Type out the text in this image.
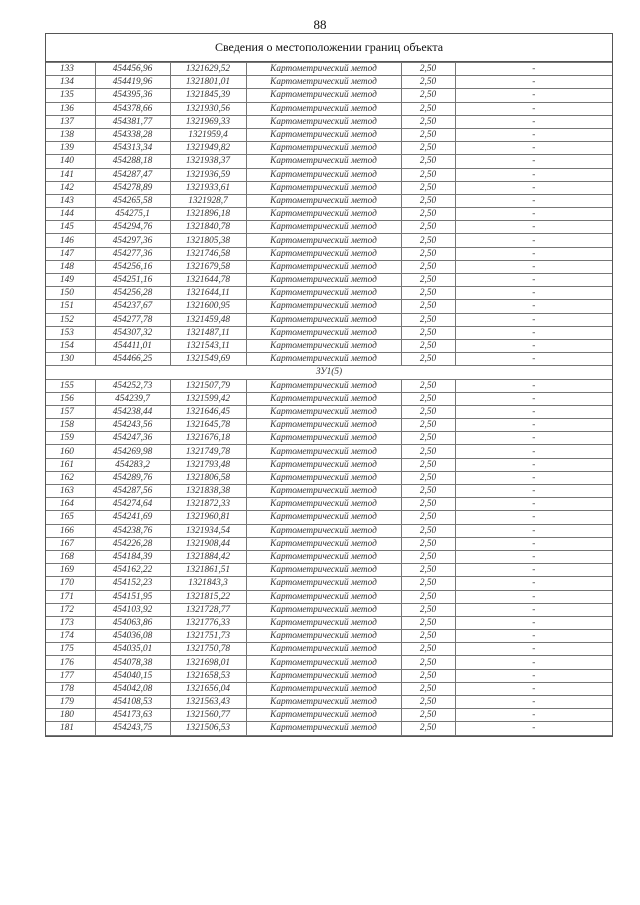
88
Сведения о местоположении границ объекта
133	454456,96	1321629,52	Картометрический метод	2,50	-
134	454419,96	1321801,01	Картометрический метод	2,50	-
135	454395,36	1321845,39	Картометрический метод	2,50	-
136	454378,66	1321930,56	Картометрический метод	2,50	-
137	454381,77	1321969,33	Картометрический метод	2,50	-
138	454338,28	1321959,4	Картометрический метод	2,50	-
139	454313,34	1321949,82	Картометрический метод	2,50	-
140	454288,18	1321938,37	Картометрический метод	2,50	-
141	454287,47	1321936,59	Картометрический метод	2,50	-
142	454278,89	1321933,61	Картометрический метод	2,50	-
143	454265,58	1321928,7	Картометрический метод	2,50	-
144	454275,1	1321896,18	Картометрический метод	2,50	-
145	454294,76	1321840,78	Картометрический метод	2,50	-
146	454297,36	1321805,38	Картометрический метод	2,50	-
147	454277,36	1321746,58	Картометрический метод	2,50	-
148	454256,16	1321679,58	Картометрический метод	2,50	-
149	454251,16	1321644,78	Картометрический метод	2,50	-
150	454256,28	1321644,11	Картометрический метод	2,50	-
151	454237,67	1321600,95	Картометрический метод	2,50	-
152	454277,78	1321459,48	Картометрический метод	2,50	-
153	454307,32	1321487,11	Картометрический метод	2,50	-
154	454411,01	1321543,11	Картометрический метод	2,50	-
130	454466,25	1321549,69	Картометрический метод	2,50	-
ЗУ1(5)					
155	454252,73	1321507,79	Картометрический метод	2,50	-
156	454239,7	1321599,42	Картометрический метод	2,50	-
157	454238,44	1321646,45	Картометрический метод	2,50	-
158	454243,56	1321645,78	Картометрический метод	2,50	-
159	454247,36	1321676,18	Картометрический метод	2,50	-
160	454269,98	1321749,78	Картометрический метод	2,50	-
161	454283,2	1321793,48	Картометрический метод	2,50	-
162	454289,76	1321806,58	Картометрический метод	2,50	-
163	454287,56	1321838,38	Картометрический метод	2,50	-
164	454274,64	1321872,33	Картометрический метод	2,50	-
165	454241,69	1321960,81	Картометрический метод	2,50	-
166	454238,76	1321934,54	Картометрический метод	2,50	-
167	454226,28	1321908,44	Картометрический метод	2,50	-
168	454184,39	1321884,42	Картометрический метод	2,50	-
169	454162,22	1321861,51	Картометрический метод	2,50	-
170	454152,23	1321843,3	Картометрический метод	2,50	-
171	454151,95	1321815,22	Картометрический метод	2,50	-
172	454103,92	1321728,77	Картометрический метод	2,50	-
173	454063,86	1321776,33	Картометрический метод	2,50	-
174	454036,08	1321751,73	Картометрический метод	2,50	-
175	454035,01	1321750,78	Картометрический метод	2,50	-
176	454078,38	1321698,01	Картометрический метод	2,50	-
177	454040,15	1321658,53	Картометрический метод	2,50	-
178	454042,08	1321656,04	Картометрический метод	2,50	-
179	454108,53	1321563,43	Картометрический метод	2,50	-
180	454173,63	1321560,77	Картометрический метод	2,50	-
181	454243,75	1321506,53	Картометрический метод	2,50	-
